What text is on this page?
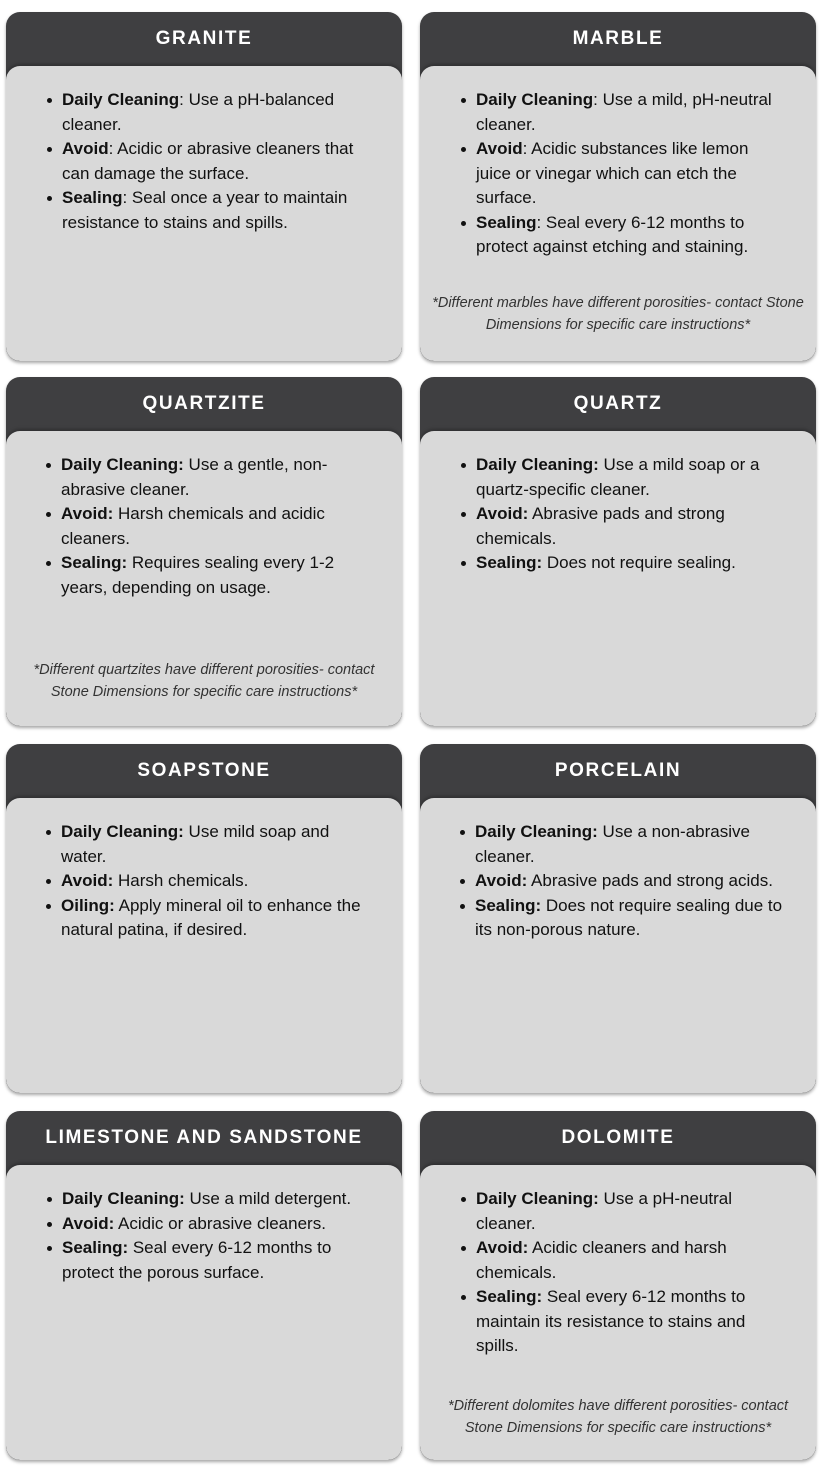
GRANITE
Daily Cleaning: Use a pH-balanced cleaner.
Avoid: Acidic or abrasive cleaners that can damage the surface.
Sealing: Seal once a year to maintain resistance to stains and spills.
MARBLE
Daily Cleaning: Use a mild, pH-neutral cleaner.
Avoid: Acidic substances like lemon juice or vinegar which can etch the surface.
Sealing: Seal every 6-12 months to protect against etching and staining.
*Different marbles have different porosities- contact Stone Dimensions for specific care instructions*
QUARTZITE
Daily Cleaning: Use a gentle, non-abrasive cleaner.
Avoid: Harsh chemicals and acidic cleaners.
Sealing: Requires sealing every 1-2 years, depending on usage.
*Different quartzites have different porosities- contact Stone Dimensions for specific care instructions*
QUARTZ
Daily Cleaning: Use a mild soap or a quartz-specific cleaner.
Avoid: Abrasive pads and strong chemicals.
Sealing: Does not require sealing.
SOAPSTONE
Daily Cleaning: Use mild soap and water.
Avoid: Harsh chemicals.
Oiling: Apply mineral oil to enhance the natural patina, if desired.
PORCELAIN
Daily Cleaning: Use a non-abrasive cleaner.
Avoid: Abrasive pads and strong acids.
Sealing: Does not require sealing due to its non-porous nature.
LIMESTONE AND SANDSTONE
Daily Cleaning: Use a mild detergent.
Avoid: Acidic or abrasive cleaners.
Sealing: Seal every 6-12 months to protect the porous surface.
DOLOMITE
Daily Cleaning: Use a pH-neutral cleaner.
Avoid: Acidic cleaners and harsh chemicals.
Sealing: Seal every 6-12 months to maintain its resistance to stains and spills.
*Different dolomites have different porosities- contact Stone Dimensions for specific care instructions*
